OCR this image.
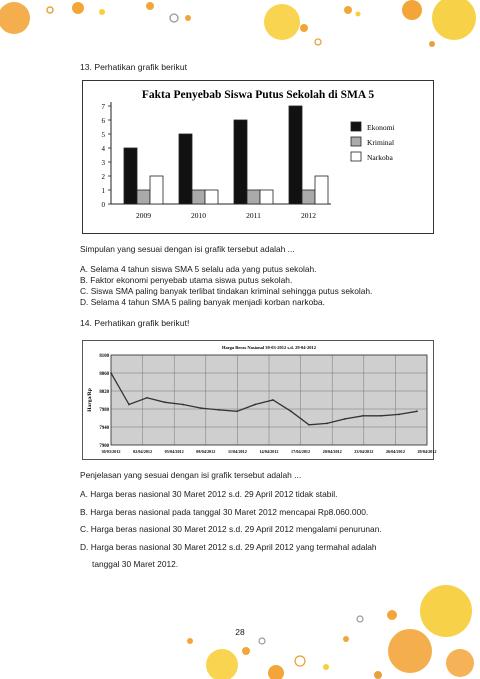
13. Perhatikan grafik berikut
Fakta Penyebab Siswa Putus Sekolah di SMA 5
0
1
2
3
4
5
6
7
2009	2010	2011	2012
Ekonomi
Kriminal
Narkoba
Simpulan yang sesuai dengan isi grafik tersebut adalah ...
A. Selama 4 tahun siswa SMA 5 selalu ada yang putus sekolah.
B. Faktor ekonomi penyebab utama siswa putus sekolah.
C. Siswa SMA paling banyak terlibat tindakan kriminal sehingga putus sekolah.
D. Selama 4 tahun SMA 5 paling banyak menjadi korban narkoba.
14. Perhatikan grafik berikut!
Harga Beras Nasional 30-03-2012 s.d. 29-04-2012
7900
7940
7980
8020
8060
8100
30/03/2012	02/04/2012	05/04/2012	08/04/2012	11/04/2012	14/04/2012	17/04/2012	20/04/2012	23/04/2012	26/04/2012	29/04/2012
Harga/Rp
Penjelasan yang sesuai dengan isi grafik tersebut adalah ...
A. Harga beras nasional 30 Maret 2012 s.d. 29 April 2012 tidak stabil.
B. Harga beras nasional pada tanggal 30 Maret 2012 mencapai Rp8.060.000.
C. Harga beras nasional 30 Maret 2012 s.d. 29 April 2012 mengalami penurunan.
D. Harga beras nasional 30 Maret 2012 s.d. 29 April 2012 yang termahal adalah
tanggal 30 Maret 2012.
28
